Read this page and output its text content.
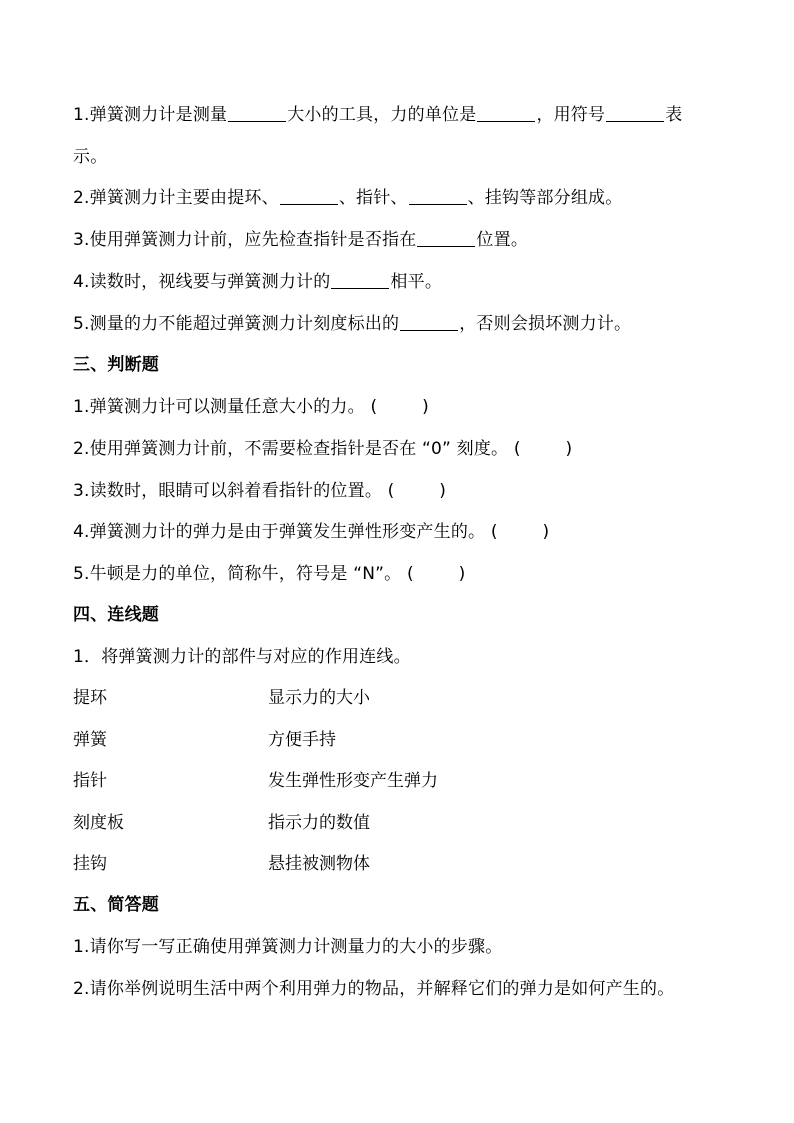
1.弹簧测力计是测量	大小的工具，力的单位是	，用符号	表
示。
2.弹簧测力计主要由提环、	、指针、	、挂钩等部分组成。
3.使用弹簧测力计前，应先检查指针是否指在	位置。
4.读数时，视线要与弹簧测力计的	相平。
5.测量的力不能超过弹簧测力计刻度标出的	，否则会损坏测力计。
三、判断题
1.弹簧测力计可以测量任意大小的力。 (        )
2.使用弹簧测力计前，不需要检查指针是否在 “0” 刻度。 (        )
3.读数时，眼睛可以斜着看指针的位置。 (        )
4.弹簧测力计的弹力是由于弹簧发生弹性形变产生的。 (        )
5.牛顿是力的单位，简称牛，符号是 “N”。 (        )
四、连线题
1．将弹簧测力计的部件与对应的作用连线。
提环	显示力的大小
弹簧	方便手持
指针	发生弹性形变产生弹力
刻度板	指示力的数值
挂钩	悬挂被测物体
五、简答题
1.请你写一写正确使用弹簧测力计测量力的大小的步骤。
2.请你举例说明生活中两个利用弹力的物品，并解释它们的弹力是如何产生的。
